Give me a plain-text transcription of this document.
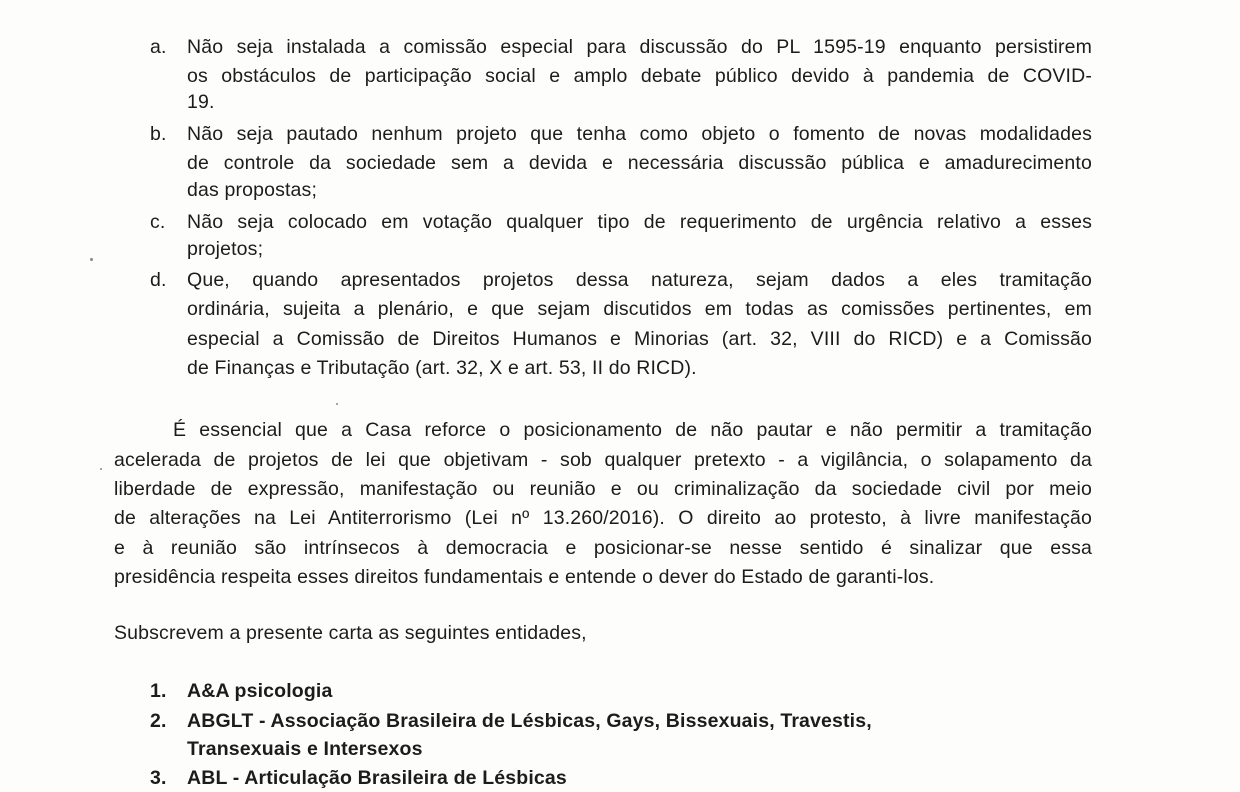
a.	Não seja instalada a comissão especial para discussão do PL 1595-19 enquanto persistirem
os obstáculos de participação social e amplo debate público devido à pandemia de COVID-
19.
b.	Não seja pautado nenhum projeto que tenha como objeto o fomento de novas modalidades
de controle da sociedade sem a devida e necessária discussão pública e amadurecimento
das propostas;
c.	Não seja colocado em votação qualquer tipo de requerimento de urgência relativo a esses
projetos;
d.	Que, quando apresentados projetos dessa natureza, sejam dados a eles tramitação
ordinária, sujeita a plenário, e que sejam discutidos em todas as comissões pertinentes, em
especial a Comissão de Direitos Humanos e Minorias (art. 32, VIII do RICD) e a Comissão
de Finanças e Tributação (art. 32, X e art. 53, II do RICD).
É essencial que a Casa reforce o posicionamento de não pautar e não permitir a tramitação
acelerada de projetos de lei que objetivam - sob qualquer pretexto - a vigilância, o solapamento da
liberdade de expressão, manifestação ou reunião e ou criminalização da sociedade civil por meio
de alterações na Lei Antiterrorismo (Lei nº 13.260/2016). O direito ao protesto, à livre manifestação
e à reunião são intrínsecos à democracia e posicionar-se nesse sentido é sinalizar que essa
presidência respeita esses direitos fundamentais e entende o dever do Estado de garanti-los.
Subscrevem a presente carta as seguintes entidades,
1. A&A psicologia
2. ABGLT - Associação Brasileira de Lésbicas, Gays, Bissexuais, Travestis,
Transexuais e Intersexos
3. ABL - Articulação Brasileira de Lésbicas
